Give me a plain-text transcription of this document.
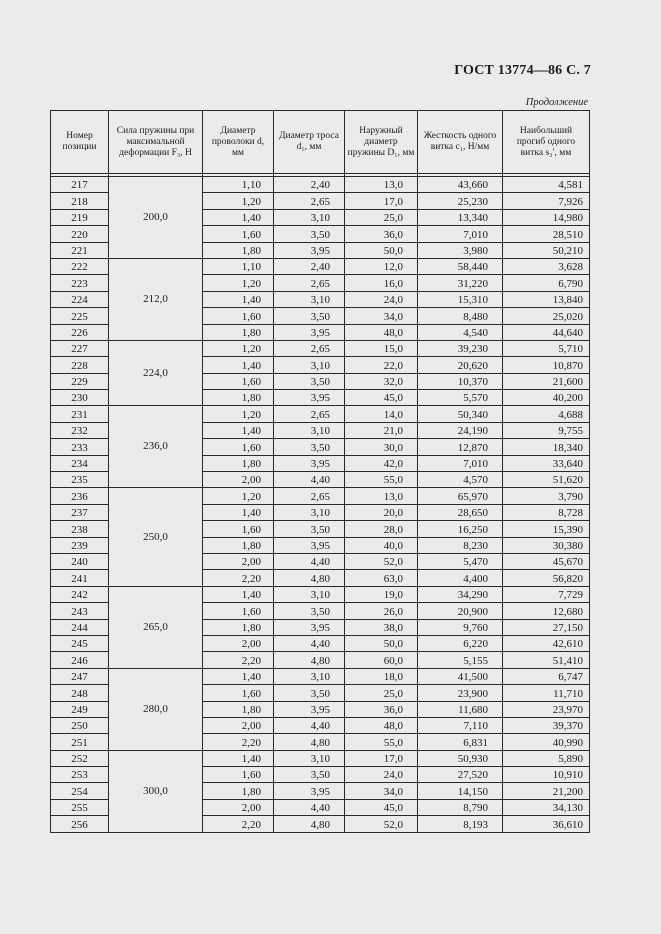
ГОСТ 13774—86 С. 7
Продолжение
Номер позиции	Сила пружины при максимальной деформации F₃, Н	Диаметр проволоки d, мм	Диаметр троса d₁, мм	Наружный диаметр пружины D₁, мм	Жесткость одного витка c₁, Н/мм	Наибольший прогиб одного витка s₃′, мм

217	200,0	1,10	2,40	13,0	43,660	4,581
218		1,20	2,65	17,0	25,230	7,926
219		1,40	3,10	25,0	13,340	14,980
220		1,60	3,50	36,0	7,010	28,510
221		1,80	3,95	50,0	3,980	50,210
222	212,0	1,10	2,40	12,0	58,440	3,628
223		1,20	2,65	16,0	31,220	6,790
224		1,40	3,10	24,0	15,310	13,840
225		1,60	3,50	34,0	8,480	25,020
226		1,80	3,95	48,0	4,540	44,640
227	224,0	1,20	2,65	15,0	39,230	5,710
228		1,40	3,10	22,0	20,620	10,870
229		1,60	3,50	32,0	10,370	21,600
230		1,80	3,95	45,0	5,570	40,200
231	236,0	1,20	2,65	14,0	50,340	4,688
232		1,40	3,10	21,0	24,190	9,755
233		1,60	3,50	30,0	12,870	18,340
234		1,80	3,95	42,0	7,010	33,640
235		2,00	4,40	55,0	4,570	51,620
236	250,0	1,20	2,65	13,0	65,970	3,790
237		1,40	3,10	20,0	28,650	8,728
238		1,60	3,50	28,0	16,250	15,390
239		1,80	3,95	40,0	8,230	30,380
240		2,00	4,40	52,0	5,470	45,670
241		2,20	4,80	63,0	4,400	56,820
242	265,0	1,40	3,10	19,0	34,290	7,729
243		1,60	3,50	26,0	20,900	12,680
244		1,80	3,95	38,0	9,760	27,150
245		2,00	4,40	50,0	6,220	42,610
246		2,20	4,80	60,0	5,155	51,410
247	280,0	1,40	3,10	18,0	41,500	6,747
248		1,60	3,50	25,0	23,900	11,710
249		1,80	3,95	36,0	11,680	23,970
250		2,00	4,40	48,0	7,110	39,370
251		2,20	4,80	55,0	6,831	40,990
252	300,0	1,40	3,10	17,0	50,930	5,890
253		1,60	3,50	24,0	27,520	10,910
254		1,80	3,95	34,0	14,150	21,200
255		2,00	4,40	45,0	8,790	34,130
256		2,20	4,80	52,0	8,193	36,610
